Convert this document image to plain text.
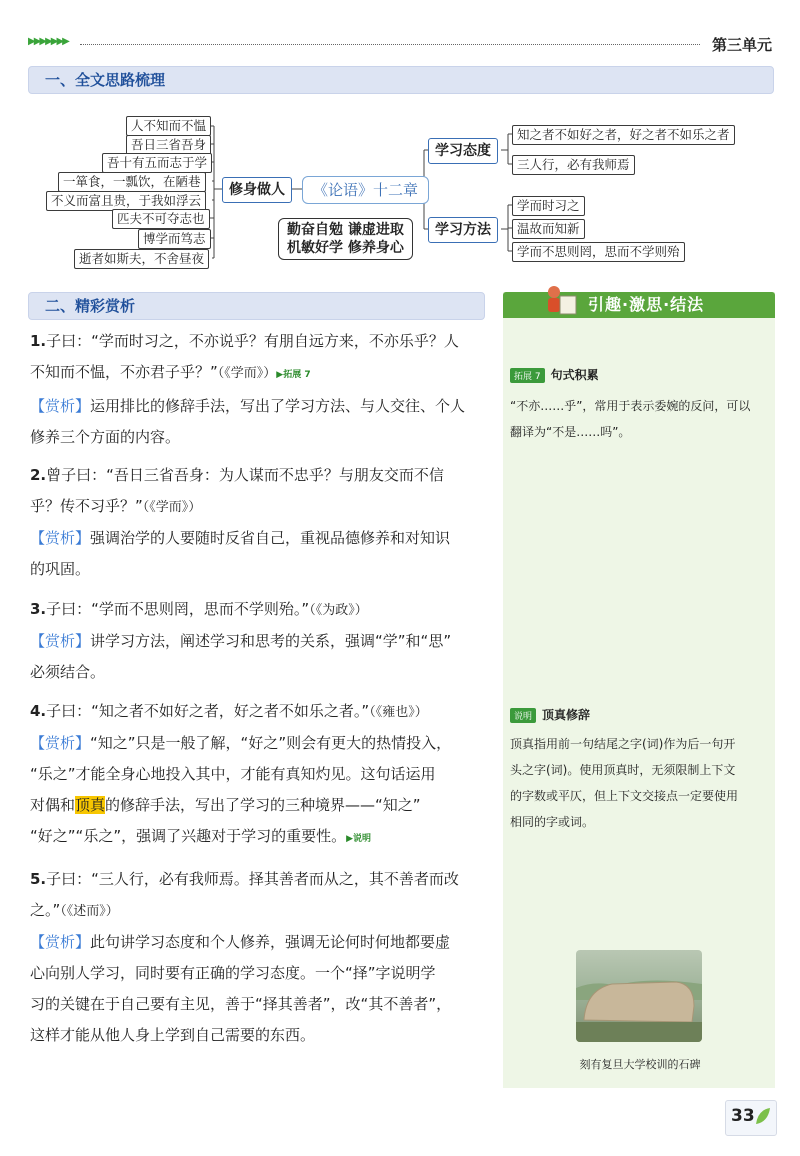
▶▶▶▶▶▶▶	第三单元
一、全文思路梳理
人不知而不愠
吾日三省吾身
吾十有五而志于学
一箪食，一瓢饮，在陋巷
不义而富且贵，于我如浮云
匹夫不可夺志也
博学而笃志
逝者如斯夫，不舍昼夜
修身做人	《论语》十二章
勤奋自勉 谦虚进取
机敏好学 修养身心
学习态度
学习方法
知之者不如好之者，好之者不如乐之者
三人行，必有我师焉
学而时习之
温故而知新
学而不思则罔，思而不学则殆
二、精彩赏析
1.子曰：“学而时习之，不亦说乎？有朋自远方来，不亦乐乎？人
不知而不愠，不亦君子乎？”（《学而》）▶拓展 7
【赏析】运用排比的修辞手法，写出了学习方法、与人交往、个人
修养三个方面的内容。
2.曾子曰：“吾日三省吾身：为人谋而不忠乎？与朋友交而不信
乎？传不习乎？”（《学而》）
【赏析】强调治学的人要随时反省自己，重视品德修养和对知识
的巩固。
3.子曰：“学而不思则罔，思而不学则殆。”（《为政》）
【赏析】讲学习方法，阐述学习和思考的关系，强调“学”和“思”
必须结合。
4.子曰：“知之者不如好之者，好之者不如乐之者。”（《雍也》）
【赏析】“知之”只是一般了解，“好之”则会有更大的热情投入，
“乐之”才能全身心地投入其中，才能有真知灼见。这句话运用
对偶和顶真的修辞手法，写出了学习的三种境界——“知之”
“好之”“乐之”，强调了兴趣对于学习的重要性。▶说明
5.子曰：“三人行，必有我师焉。择其善者而从之，其不善者而改
之。”（《述而》）
【赏析】此句讲学习态度和个人修养，强调无论何时何地都要虚
心向别人学习，同时要有正确的学习态度。一个“择”字说明学
习的关键在于自己要有主见，善于“择其善者”，改“其不善者”，
这样才能从他人身上学到自己需要的东西。
引趣·激思·结法
拓展 7 句式积累
“不亦……乎”，常用于表示委婉的反问，可以
翻译为“不是……吗”。
说明 顶真修辞
顶真指用前一句结尾之字(词)作为后一句开
头之字(词)。使用顶真时，无须限制上下文
的字数或平仄，但上下文交接点一定要使用
相同的字或词。
刻有复旦大学校训的石碑
33
